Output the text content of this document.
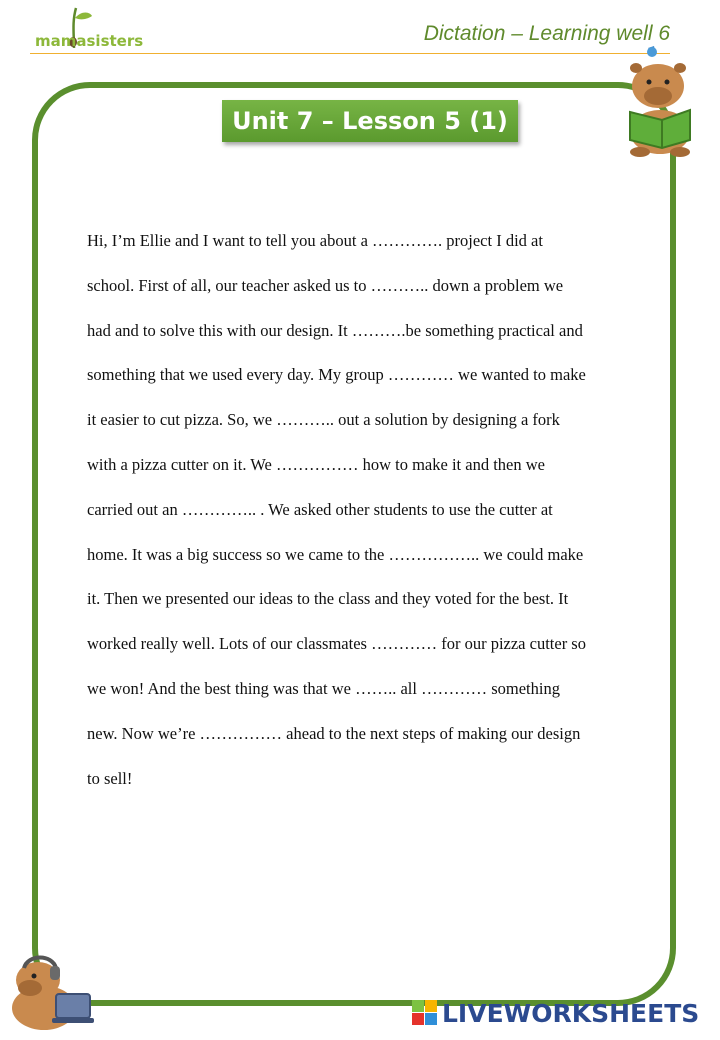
mamasisters	Dictation – Learning well 6
Unit 7 – Lesson 5 (1)
Hi, I’m Ellie and I want to tell you about a …………. project I did at
school. First of all, our teacher asked us to ……….. down a problem we
had and to solve this with our design. It ……….be something practical and
something that we used every day. My group ………… we wanted to make
it easier to cut pizza. So, we ……….. out a solution by designing a fork
with a pizza cutter on it. We …………… how to make it and then we
carried out an ………….. . We asked other students to use the cutter at
home. It was a big success so we came to the …………….. we could make
it. Then we presented our ideas to the class and they voted for the best. It
worked really well. Lots of our classmates ………… for our pizza cutter so
we won! And the best thing was that we …….. all ………… something
new. Now we’re …………… ahead to the next steps of making our design
to sell!
LIVEWORKSHEETS
